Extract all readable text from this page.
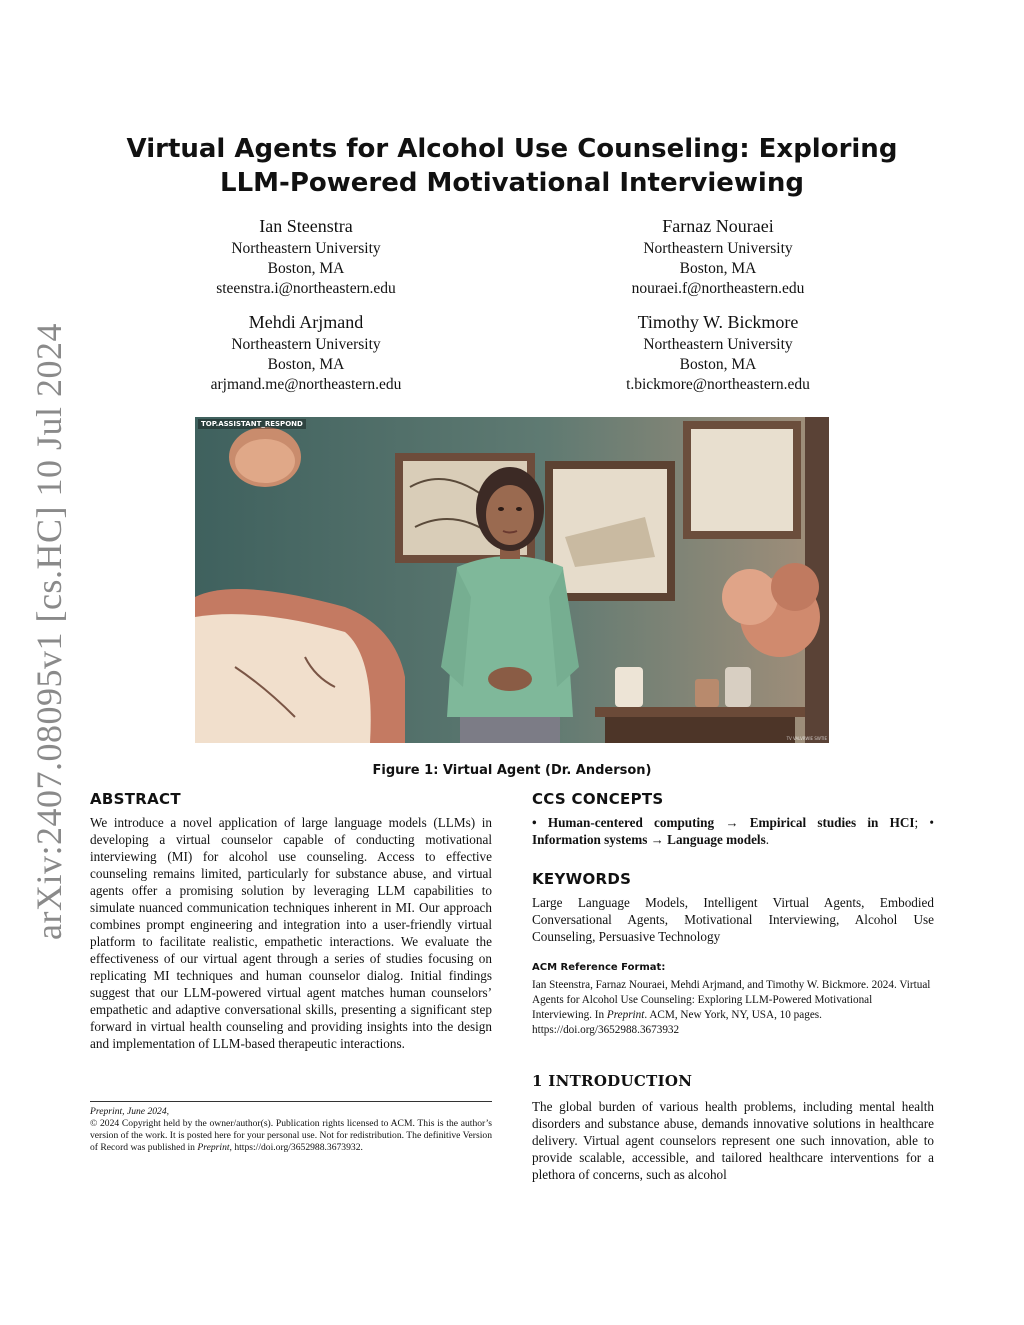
arXiv:2407.08095v1 [cs.HC] 10 Jul 2024
Virtual Agents for Alcohol Use Counseling: Exploring
LLM-Powered Motivational Interviewing
Ian Steenstra
Northeastern University
Boston, MA
steenstra.i@northeastern.edu
Farnaz Nouraei
Northeastern University
Boston, MA
nouraei.f@northeastern.edu
Mehdi Arjmand
Northeastern University
Boston, MA
arjmand.me@northeastern.edu
Timothy W. Bickmore
Northeastern University
Boston, MA
t.bickmore@northeastern.edu
TOP.ASSISTANT_RESPOND
TV VALVRWIE SWTIE
Figure 1: Virtual Agent (Dr. Anderson)
ABSTRACT
We introduce a novel application of large language models (LLMs) in developing a virtual counselor capable of conducting motivational interviewing (MI) for alcohol use counseling. Access to effective counseling remains limited, particularly for substance abuse, and virtual agents offer a promising solution by leveraging LLM capabilities to simulate nuanced communication techniques inherent in MI. Our approach combines prompt engineering and integration into a user-friendly virtual platform to facilitate realistic, empathetic interactions. We evaluate the effectiveness of our virtual agent through a series of studies focusing on replicating MI techniques and human counselor dialog. Initial findings suggest that our LLM-powered virtual agent matches human counselors’ empathetic and adaptive conversational skills, presenting a significant step forward in virtual health counseling and providing insights into the design and implementation of LLM-based therapeutic interactions.
Preprint, June 2024,
© 2024 Copyright held by the owner/author(s). Publication rights licensed to ACM. This is the author’s version of the work. It is posted here for your personal use. Not for redistribution. The definitive Version of Record was published in Preprint, https://doi.org/3652988.3673932.
CCS CONCEPTS
• Human-centered computing → Empirical studies in HCI; • Information systems → Language models.
KEYWORDS
Large Language Models, Intelligent Virtual Agents, Embodied Conversational Agents, Motivational Interviewing, Alcohol Use Counseling, Persuasive Technology
ACM Reference Format:
Ian Steenstra, Farnaz Nouraei, Mehdi Arjmand, and Timothy W. Bickmore. 2024. Virtual Agents for Alcohol Use Counseling: Exploring LLM-Powered Motivational Interviewing. In Preprint. ACM, New York, NY, USA, 10 pages. https://doi.org/3652988.3673932
1 INTRODUCTION
The global burden of various health problems, including mental health disorders and substance abuse, demands innovative solutions in healthcare delivery. Virtual agent counselors represent one such innovation, able to provide scalable, accessible, and tailored healthcare interventions for a plethora of concerns, such as alcohol
